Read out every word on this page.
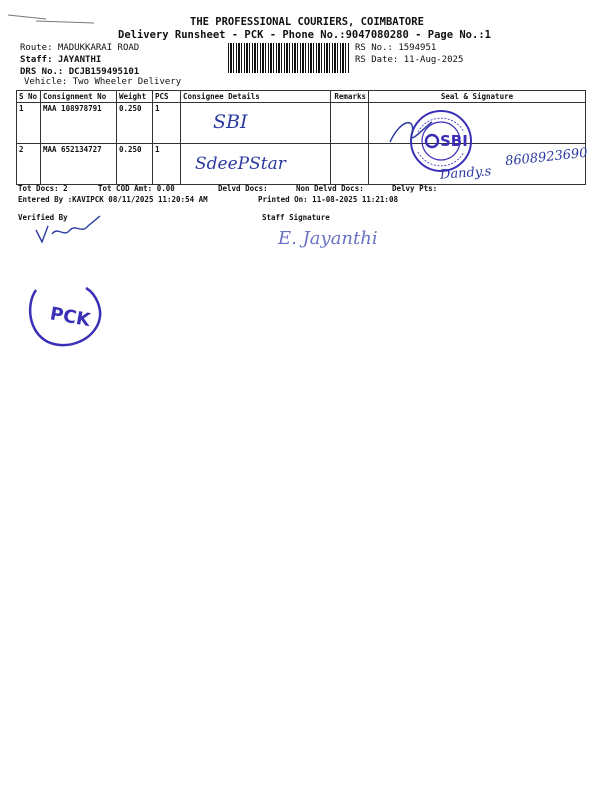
THE PROFESSIONAL COURIERS, COIMBATORE
Delivery Runsheet - PCK - Phone No.:9047080280 - Page No.:1
Route: MADUKKARAI ROAD
Staff: JAYANTHI
DRS No.: DCJB159495101
Vehicle: Two Wheeler Delivery
RS No.: 1594951
RS Date: 11-Aug-2025
S No	Consignment No	Weight	PCS	Consignee Details	Remarks	Seal & Signature
1	MAA 108978791	0.250	1	SBI		

2	MAA 652134727	0.250	1	SdeePStar		

SBI
8608923690
Dandy.s
Tot Docs: 2	Tot COD Amt: 0.00	Delvd Docs:	Non Delvd Docs:	Delvy Pts:
Entered By :KAVIPCK 08/11/2025 11:20:54 AM	Printed On: 11-08-2025 11:21:08
Verified By	Staff Signature
E. Jayanthi
PCK
